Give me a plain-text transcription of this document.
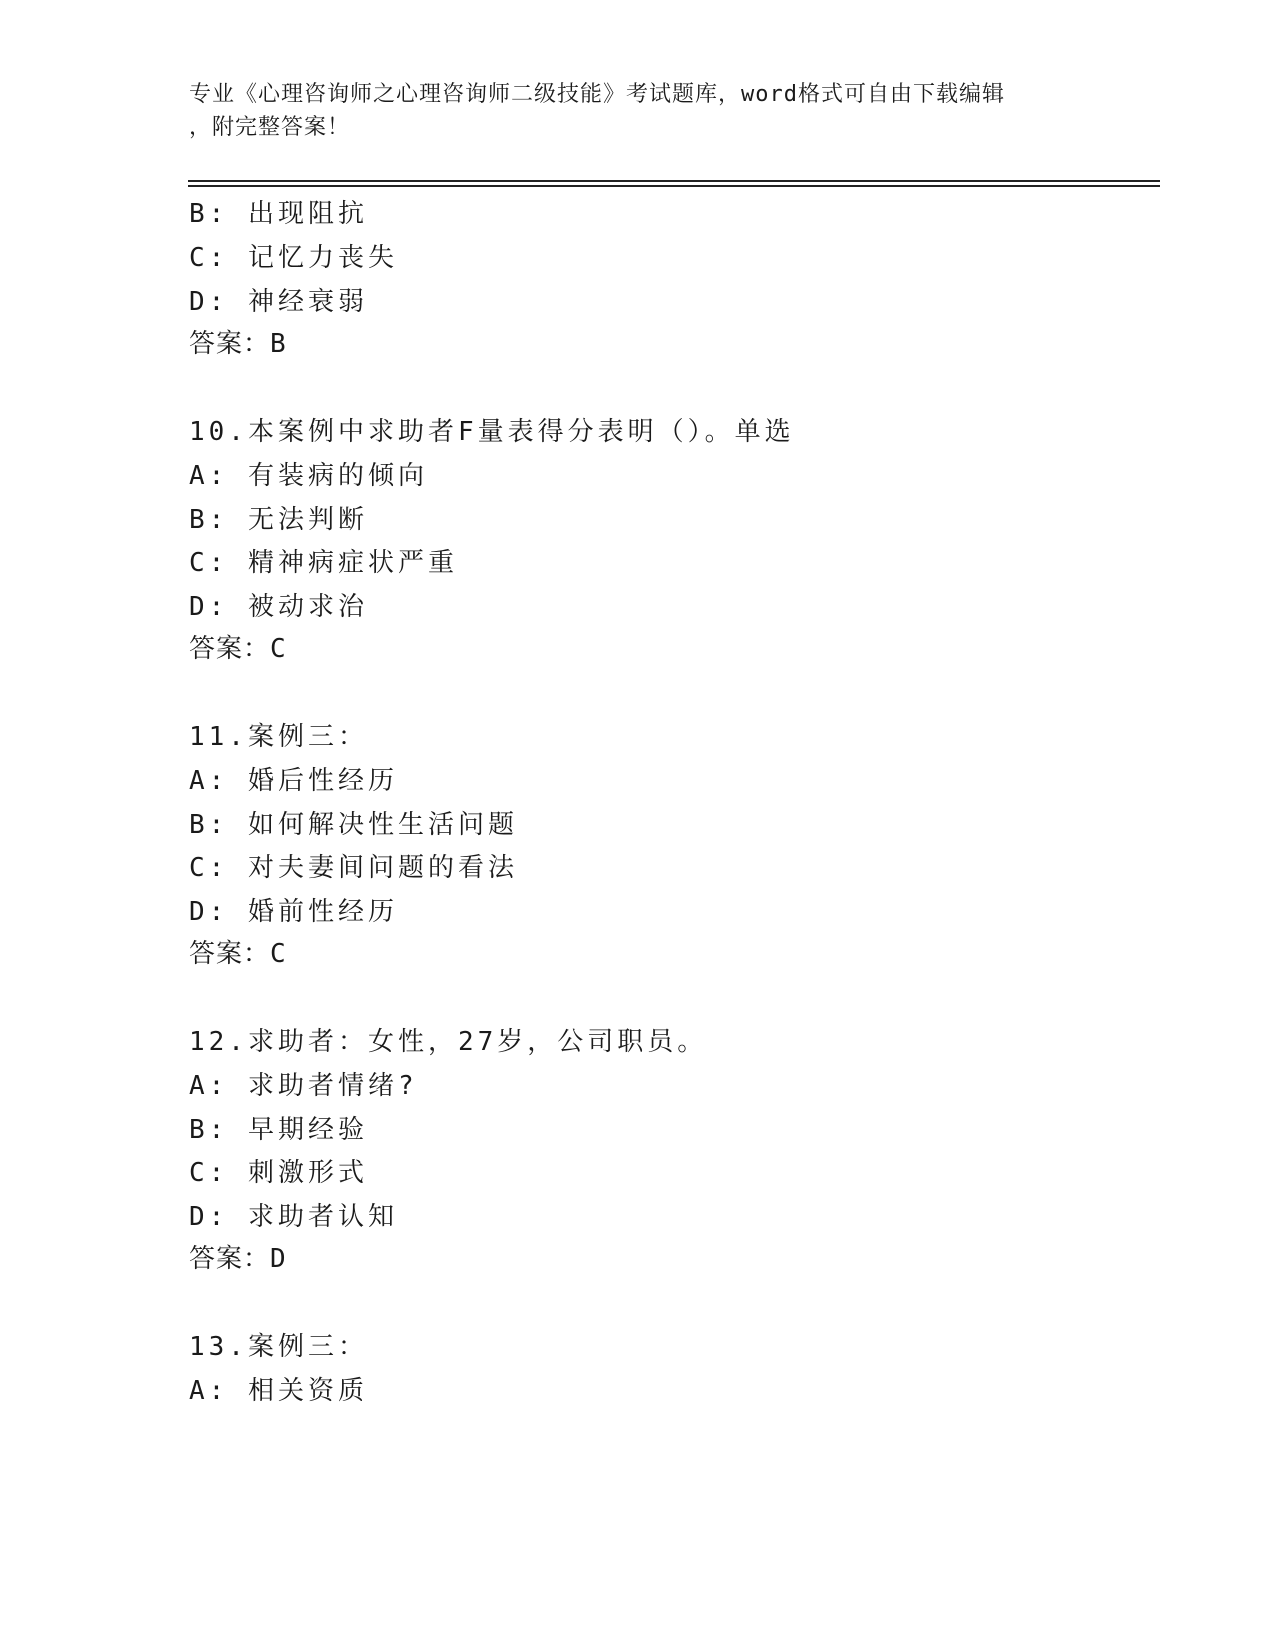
专业《心理咨询师之心理咨询师二级技能》考试题库，word格式可自由下载编辑
，附完整答案！
B: 出现阻抗
C: 记忆力丧失
D: 神经衰弱
答案：B
10.本案例中求助者F量表得分表明（）。单选
A: 有装病的倾向
B: 无法判断
C: 精神病症状严重
D: 被动求治
答案：C
11.案例三：
A: 婚后性经历
B: 如何解决性生活问题
C: 对夫妻间问题的看法
D: 婚前性经历
答案：C
12.求助者：女性，27岁，公司职员。
A: 求助者情绪?
B: 早期经验
C: 刺激形式
D: 求助者认知
答案：D
13.案例三：
A: 相关资质
